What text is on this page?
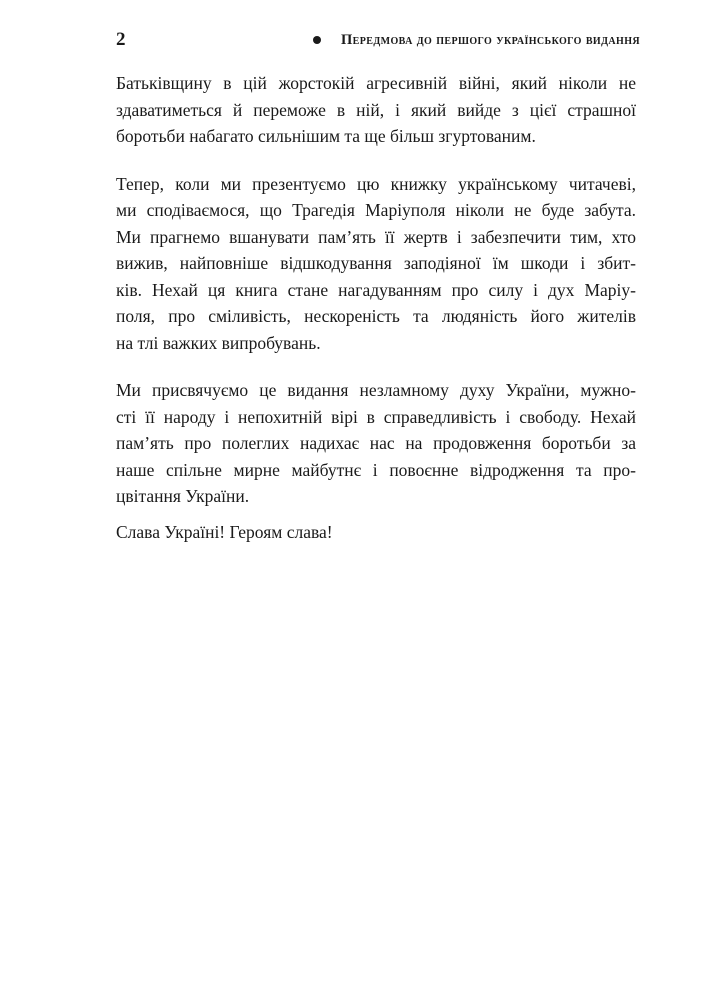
2	Передмова до першого українського видання

Батьківщину в цій жорстокій агресивній війні, який ніколи не
здаватиметься й переможе в ній, і який вийде з цієї страшної
боротьби набагато сильнішим та ще більш згуртованим.

Тепер, коли ми презентуємо цю книжку українському читачеві,
ми сподіваємося, що Трагедія Маріуполя ніколи не буде забута.
Ми прагнемо вшанувати пам’ять її жертв і забезпечити тим, хто
вижив, найповніше відшкодування заподіяної їм шкоди і збит-
ків. Нехай ця книга стане нагадуванням про силу і дух Маріу-
поля, про сміливість, нескореність та людяність його жителів
на тлі важких випробувань.

Ми присвячуємо це видання незламному духу України, мужно-
сті її народу і непохитній вірі в справедливість і свободу. Нехай
пам’ять про полеглих надихає нас на продовження боротьби за
наше спільне мирне майбутнє і повоєнне відродження та про-
цвітання України.

Слава Україні! Героям слава!
